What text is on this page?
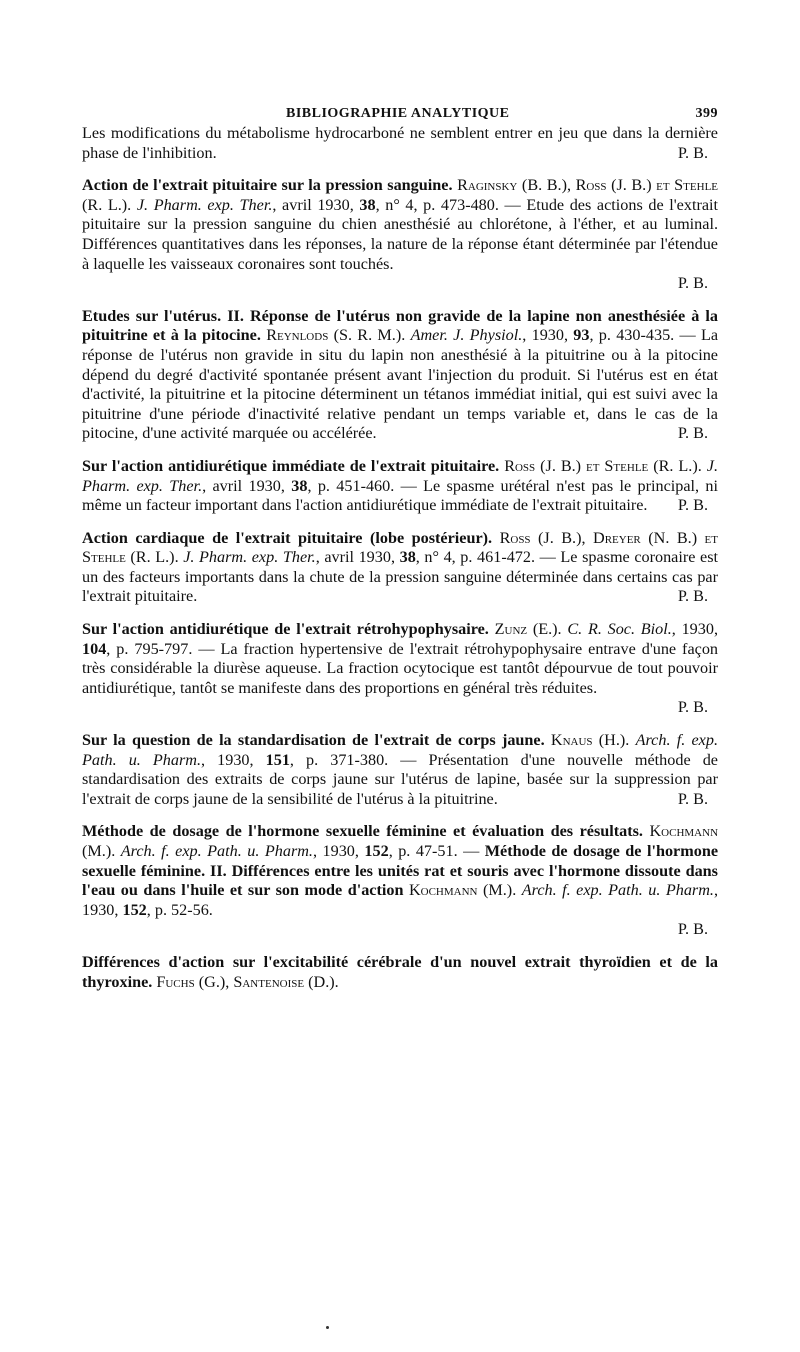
BIBLIOGRAPHIE ANALYTIQUE	399

Les modifications du métabolisme hydrocarboné ne semblent entrer en jeu que dans la dernière phase de l'inhibition.	P. B.

Action de l'extrait pituitaire sur la pression sanguine. Raginsky (B. B.), Ross (J. B.) et Stehle (R. L.). J. Pharm. exp. Ther., avril 1930, 38, n° 4, p. 473-480. — Etude des actions de l'extrait pituitaire sur la pression sanguine du chien anesthésié au chlorétone, à l'éther, et au luminal. Différences quantitatives dans les réponses, la nature de la réponse étant déterminée par l'étendue à laquelle les vaisseaux coronaires sont touchés.
P. B.

Etudes sur l'utérus. II. Réponse de l'utérus non gravide de la lapine non anesthésiée à la pituitrine et à la pitocine. Reynlods (S. R. M.). Amer. J. Physiol., 1930, 93, p. 430-435. — La réponse de l'utérus non gravide in situ du lapin non anesthésié à la pituitrine ou à la pitocine dépend du degré d'activité spontanée présent avant l'injection du produit. Si l'utérus est en état d'activité, la pituitrine et la pitocine déterminent un tétanos immédiat initial, qui est suivi avec la pituitrine d'une période d'inactivité relative pendant un temps variable et, dans le cas de la pitocine, d'une activité marquée ou accélérée.	P. B.

Sur l'action antidiurétique immédiate de l'extrait pituitaire. Ross (J. B.) et Stehle (R. L.). J. Pharm. exp. Ther., avril 1930, 38, p. 451-460. — Le spasme urétéral n'est pas le principal, ni même un facteur important dans l'action antidiurétique immédiate de l'extrait pituitaire. P. B.

Action cardiaque de l'extrait pituitaire (lobe postérieur). Ross (J. B.), Dreyer (N. B.) et Stehle (R. L.). J. Pharm. exp. Ther., avril 1930, 38, n° 4, p. 461-472. — Le spasme coronaire est un des facteurs importants dans la chute de la pression sanguine déterminée dans certains cas par l'extrait pituitaire.	P. B.

Sur l'action antidiurétique de l'extrait rétrohypophysaire. Zunz (E.). C. R. Soc. Biol., 1930, 104, p. 795-797. — La fraction hypertensive de l'extrait rétrohypophysaire entrave d'une façon très considérable la diurèse aqueuse. La fraction ocytocique est tantôt dépourvue de tout pouvoir antidiurétique, tantôt se manifeste dans des proportions en général très réduites.
P. B.

Sur la question de la standardisation de l'extrait de corps jaune. Knaus (H.). Arch. f. exp. Path. u. Pharm., 1930, 151, p. 371-380. — Présentation d'une nouvelle méthode de standardisation des extraits de corps jaune sur l'utérus de lapine, basée sur la suppression par l'extrait de corps jaune de la sensibilité de l'utérus à la pituitrine.	P. B.

Méthode de dosage de l'hormone sexuelle féminine et évaluation des résultats. Kochmann (M.). Arch. f. exp. Path. u. Pharm., 1930, 152, p. 47-51. — Méthode de dosage de l'hormone sexuelle féminine. II. Différences entre les unités rat et souris avec l'hormone dissoute dans l'eau ou dans l'huile et sur son mode d'action Kochmann (M.). Arch. f. exp. Path. u. Pharm., 1930, 152, p. 52-56.
P. B.

Différences d'action sur l'excitabilité cérébrale d'un nouvel extrait thyroïdien et de la thyroxine. Fuchs (G.), Santenoise (D.).
